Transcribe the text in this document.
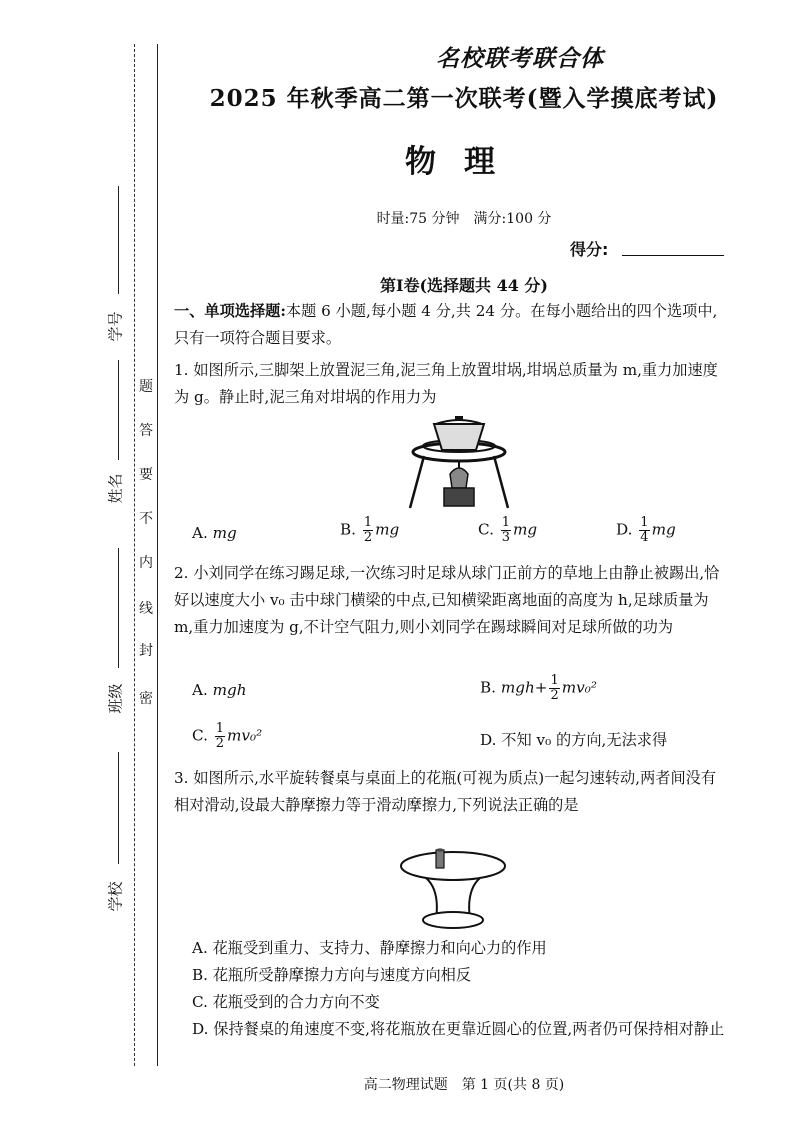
学号
姓名
班级
学校
密
封
线
内
不
要
答
题
名校联考联合体
2025 年秋季高二第一次联考(暨入学摸底考试)
物理
时量:75 分钟　满分:100 分
得分:
第Ⅰ卷(选择题共 44 分)
一、单项选择题:本题 6 小题,每小题 4 分,共 24 分。在每小题给出的四个选项中,只有一项符合题目要求。
1. 如图所示,三脚架上放置泥三角,泥三角上放置坩埚,坩埚总质量为 m,重力加速度为 g。静止时,泥三角对坩埚的作用力为
A. mg	B. $\frac{1}{2}$ mg	C. $\frac{1}{3}$ mg	D. $\frac{1}{4}$ mg
2. 小刘同学在练习踢足球,一次练习时足球从球门正前方的草地上由静止被踢出,恰好以速度大小 v₀ 击中球门横梁的中点,已知横梁距离地面的高度为 h,足球质量为 m,重力加速度为 g,不计空气阻力,则小刘同学在踢球瞬间对足球所做的功为
A. mgh	B. $mgh+ \frac{1}{2} mv_0^2$
C. $\frac{1}{2} mv_0^2$	D. 不知 v₀ 的方向,无法求得
3. 如图所示,水平旋转餐桌与桌面上的花瓶(可视为质点)一起匀速转动,两者间没有相对滑动,设最大静摩擦力等于滑动摩擦力,下列说法正确的是
A. 花瓶受到重力、支持力、静摩擦力和向心力的作用
B. 花瓶所受静摩擦力方向与速度方向相反
C. 花瓶受到的合力方向不变
D. 保持餐桌的角速度不变,将花瓶放在更靠近圆心的位置,两者仍可保持相对静止
高二物理试题　第 1 页(共 8 页)
